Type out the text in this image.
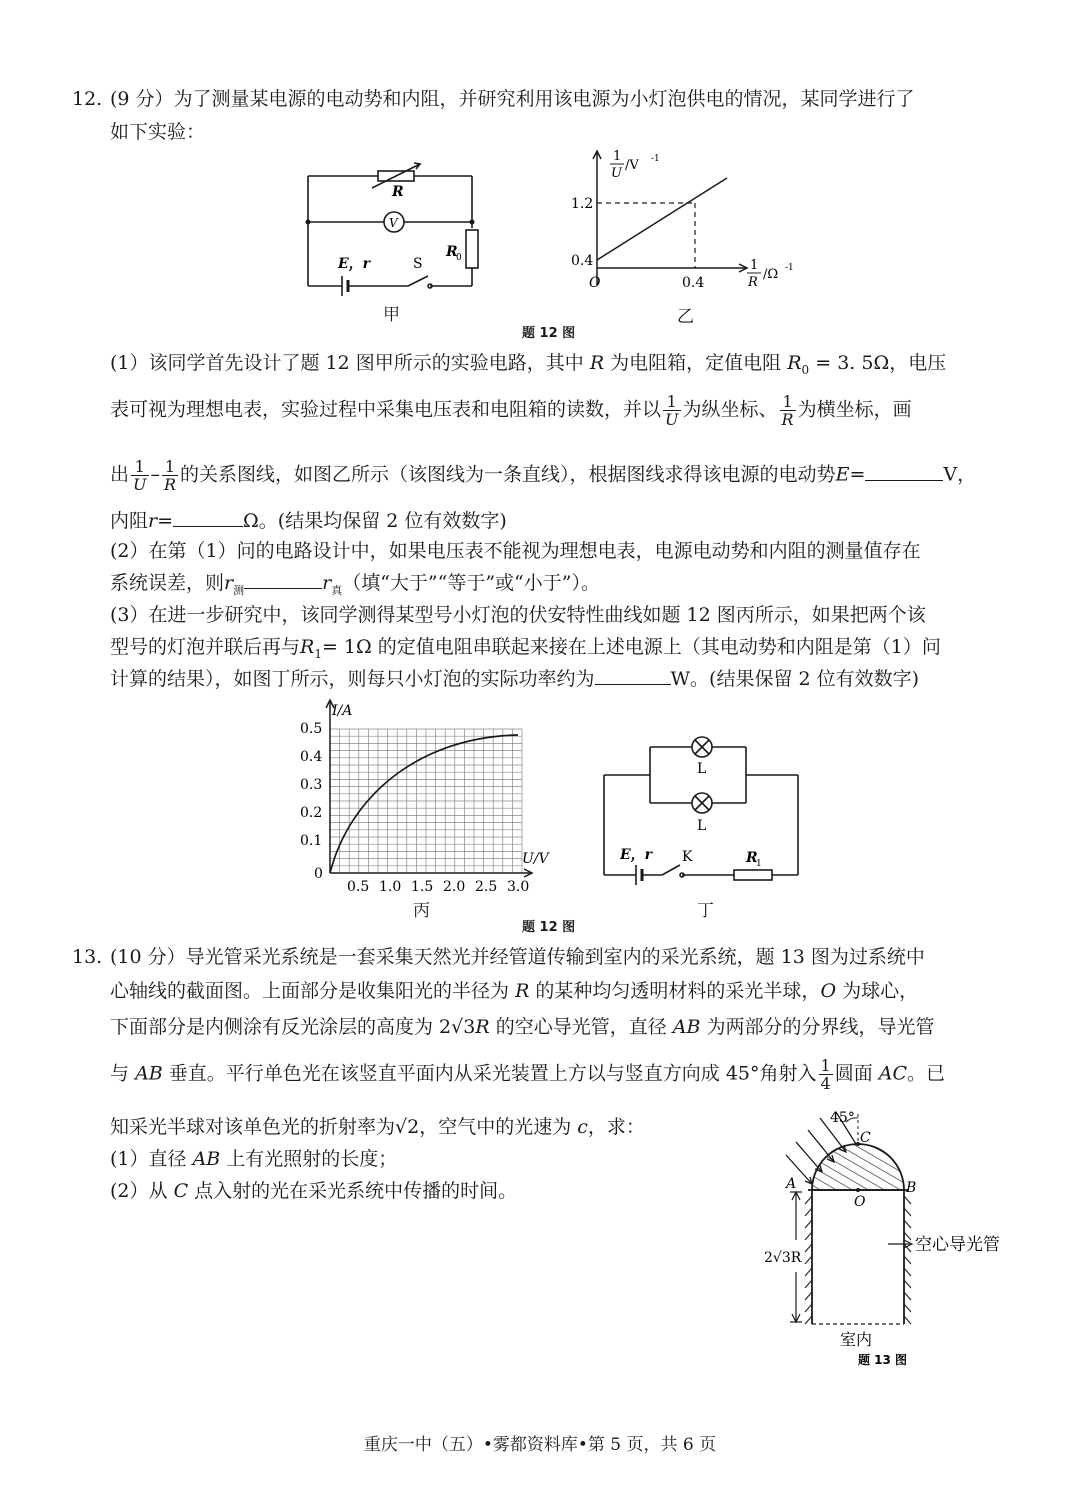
12. (9 分）为了测量某电源的电动势和内阻，并研究利用该电源为小灯泡供电的情况，某同学进行了
如下实验：
R
V
E，r	S
R
0
甲
1
U
/V -1
1.2
0.4
O	0.4
1
R
/Ω -1
乙
题 12 图
(1）该同学首先设计了题 12 图甲所示的实验电路，其中 R 为电阻箱，定值电阻 $R_0 = 3$. 5Ω，电压
表可视为理想电表，实验过程中采集电压表和电阻箱的读数，并以 $\frac{1}{U}$ 为纵坐标、 $\frac{1}{R}$ 为横坐标，画
出 $\frac{1}{U} - \frac{1}{R}$ 的关系图线，如图乙所示（该图线为一条直线），根据图线求得该电源的电动势E=	V，
内阻r=	Ω。(结果均保留 2 位有效数字)
(2）在第（1）问的电路设计中，如果电压表不能视为理想电表，电源电动势和内阻的测量值存在
系统误差，则$r_测$	$r_真$（填“大于”“等于”或“小于”）。
(3）在进一步研究中，该同学测得某型号小灯泡的伏安特性曲线如题 12 图丙所示，如果把两个该
型号的灯泡并联后再与$R_1= 1\Omega$ 的定值电阻串联起来接在上述电源上（其电动势和内阻是第（1）问
计算的结果），如图丁所示，则每只小灯泡的实际功率约为	W。(结果保留 2 位有效数字)
I/A
U/V
0
0.5
0.4
0.3
0.2
0.1
0.5 1.0 1.5 2.0 2.5 3.0
丙
L
L
E，r K	R
1
丁
题 12 图
13. (10 分）导光管采光系统是一套采集天然光并经管道传输到室内的采光系统，题 13 图为过系统中
心轴线的截面图。上面部分是收集阳光的半径为 R 的某种均匀透明材料的采光半球，O 为球心，
下面部分是内侧涂有反光涂层的高度为 2√3R 的空心导光管，直径 AB 为两部分的分界线，导光管
与 AB 垂直。平行单色光在该竖直平面内从采光装置上方以与竖直方向成 45°角射入 $\frac{1}{4}$ 圆面 AC。已
知采光半球对该单色光的折射率为√2，空气中的光速为 c，求：
(1）直径 AB 上有光照射的长度；
(2）从 C 点入射的光在采光系统中传播的时间。
45°
C
A	B
O
2√3R
空心导光管
室内
题 13 图
重庆一中（五）•雾都资料库•第 5 页，共 6 页
